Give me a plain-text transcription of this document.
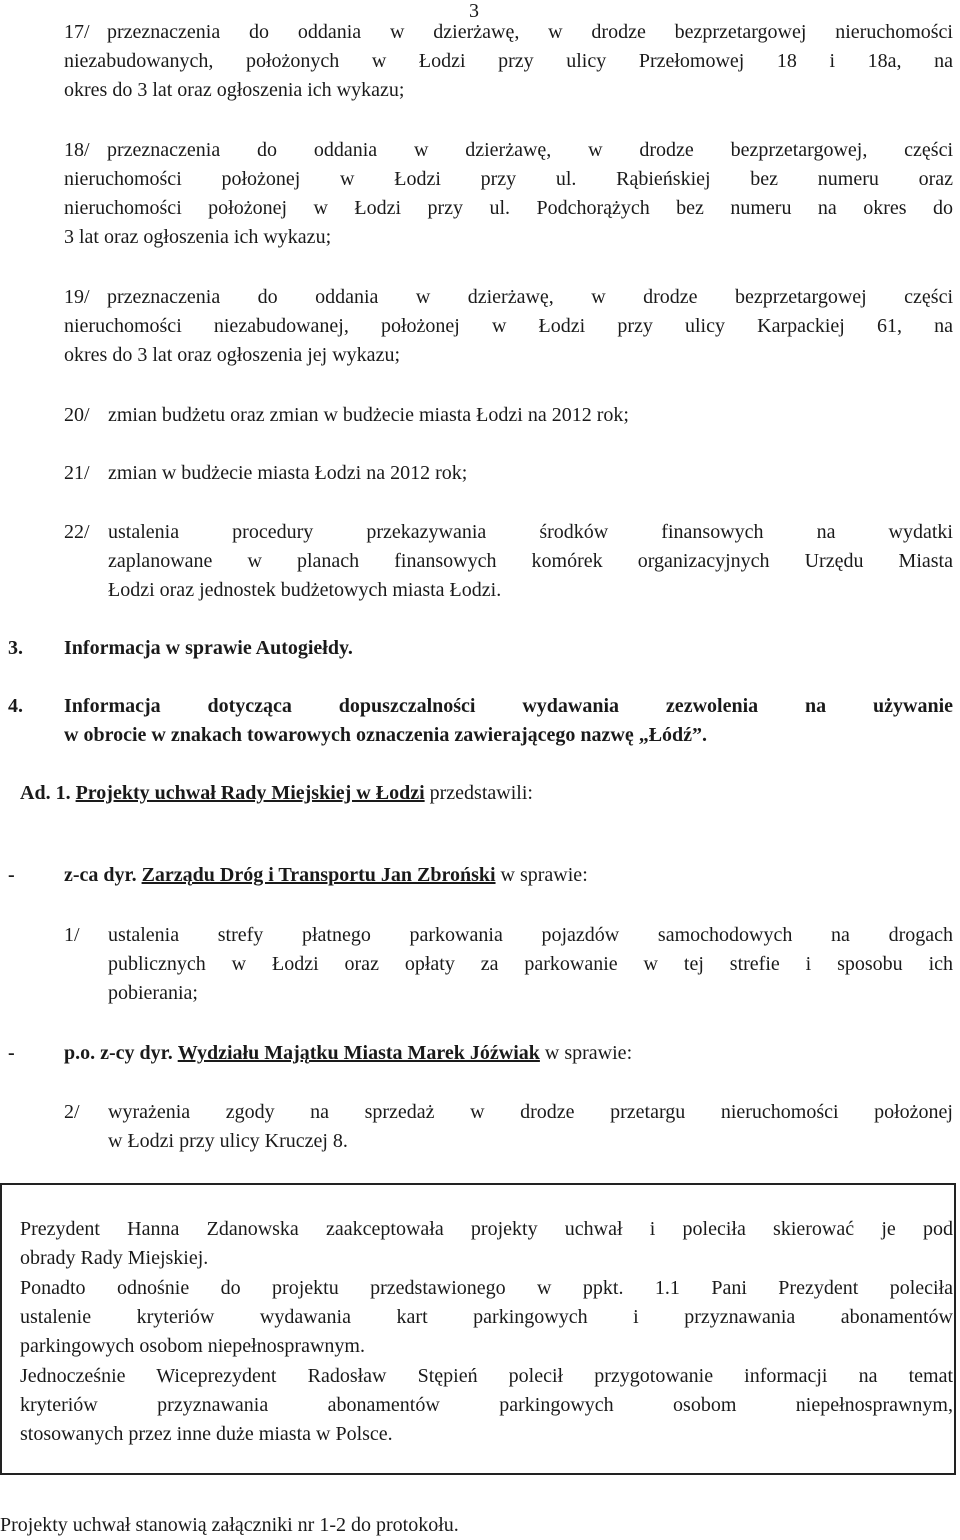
3
17/ przeznaczenia do oddania w dzierżawę, w drodze bezprzetargowej nieruchomości
niezabudowanych, położonych w Łodzi przy ulicy Przełomowej 18 i 18a, na
okres do 3 lat oraz ogłoszenia ich wykazu;
18/ przeznaczenia do oddania w dzierżawę, w drodze bezprzetargowej, części
nieruchomości położonej w Łodzi przy ul. Rąbieńskiej bez numeru oraz
nieruchomości położonej w Łodzi przy ul. Podchorążych bez numeru na okres do
3 lat oraz ogłoszenia ich wykazu;
19/ przeznaczenia do oddania w dzierżawę, w drodze bezprzetargowej części
nieruchomości niezabudowanej, położonej w Łodzi przy ulicy Karpackiej 61, na
okres do 3 lat oraz ogłoszenia jej wykazu;
20/ zmian budżetu oraz zmian w budżecie miasta Łodzi na 2012 rok;
21/ zmian w budżecie miasta Łodzi na 2012 rok;
22/ ustalenia procedury przekazywania środków finansowych na wydatki
zaplanowane w planach finansowych komórek organizacyjnych Urzędu Miasta
Łodzi oraz jednostek budżetowych miasta Łodzi.
3. Informacja w sprawie Autogiełdy.
4. Informacja dotycząca dopuszczalności wydawania zezwolenia na używanie
w obrocie w znakach towarowych oznaczenia zawierającego nazwę „Łódź”.
Ad. 1. Projekty uchwał Rady Miejskiej w Łodzi przedstawili:
- z-ca dyr. Zarządu Dróg i Transportu Jan Zbroński w sprawie:
1/ ustalenia strefy płatnego parkowania pojazdów samochodowych na drogach
publicznych w Łodzi oraz opłaty za parkowanie w tej strefie i sposobu ich
pobierania;
- p.o. z-cy dyr. Wydziału Majątku Miasta Marek Jóźwiak w sprawie:
2/ wyrażenia zgody na sprzedaż w drodze przetargu nieruchomości położonej
w Łodzi przy ulicy Kruczej 8.
Prezydent Hanna Zdanowska zaakceptowała projekty uchwał i poleciła skierować je pod
obrady Rady Miejskiej.
Ponadto odnośnie do projektu przedstawionego w ppkt. 1.1 Pani Prezydent poleciła
ustalenie kryteriów wydawania kart parkingowych i przyznawania abonamentów
parkingowych osobom niepełnosprawnym.
Jednocześnie Wiceprezydent Radosław Stępień polecił przygotowanie informacji na temat
kryteriów przyznawania abonamentów parkingowych osobom niepełnosprawnym,
stosowanych przez inne duże miasta w Polsce.
Projekty uchwał stanowią załączniki nr 1-2 do protokołu.
